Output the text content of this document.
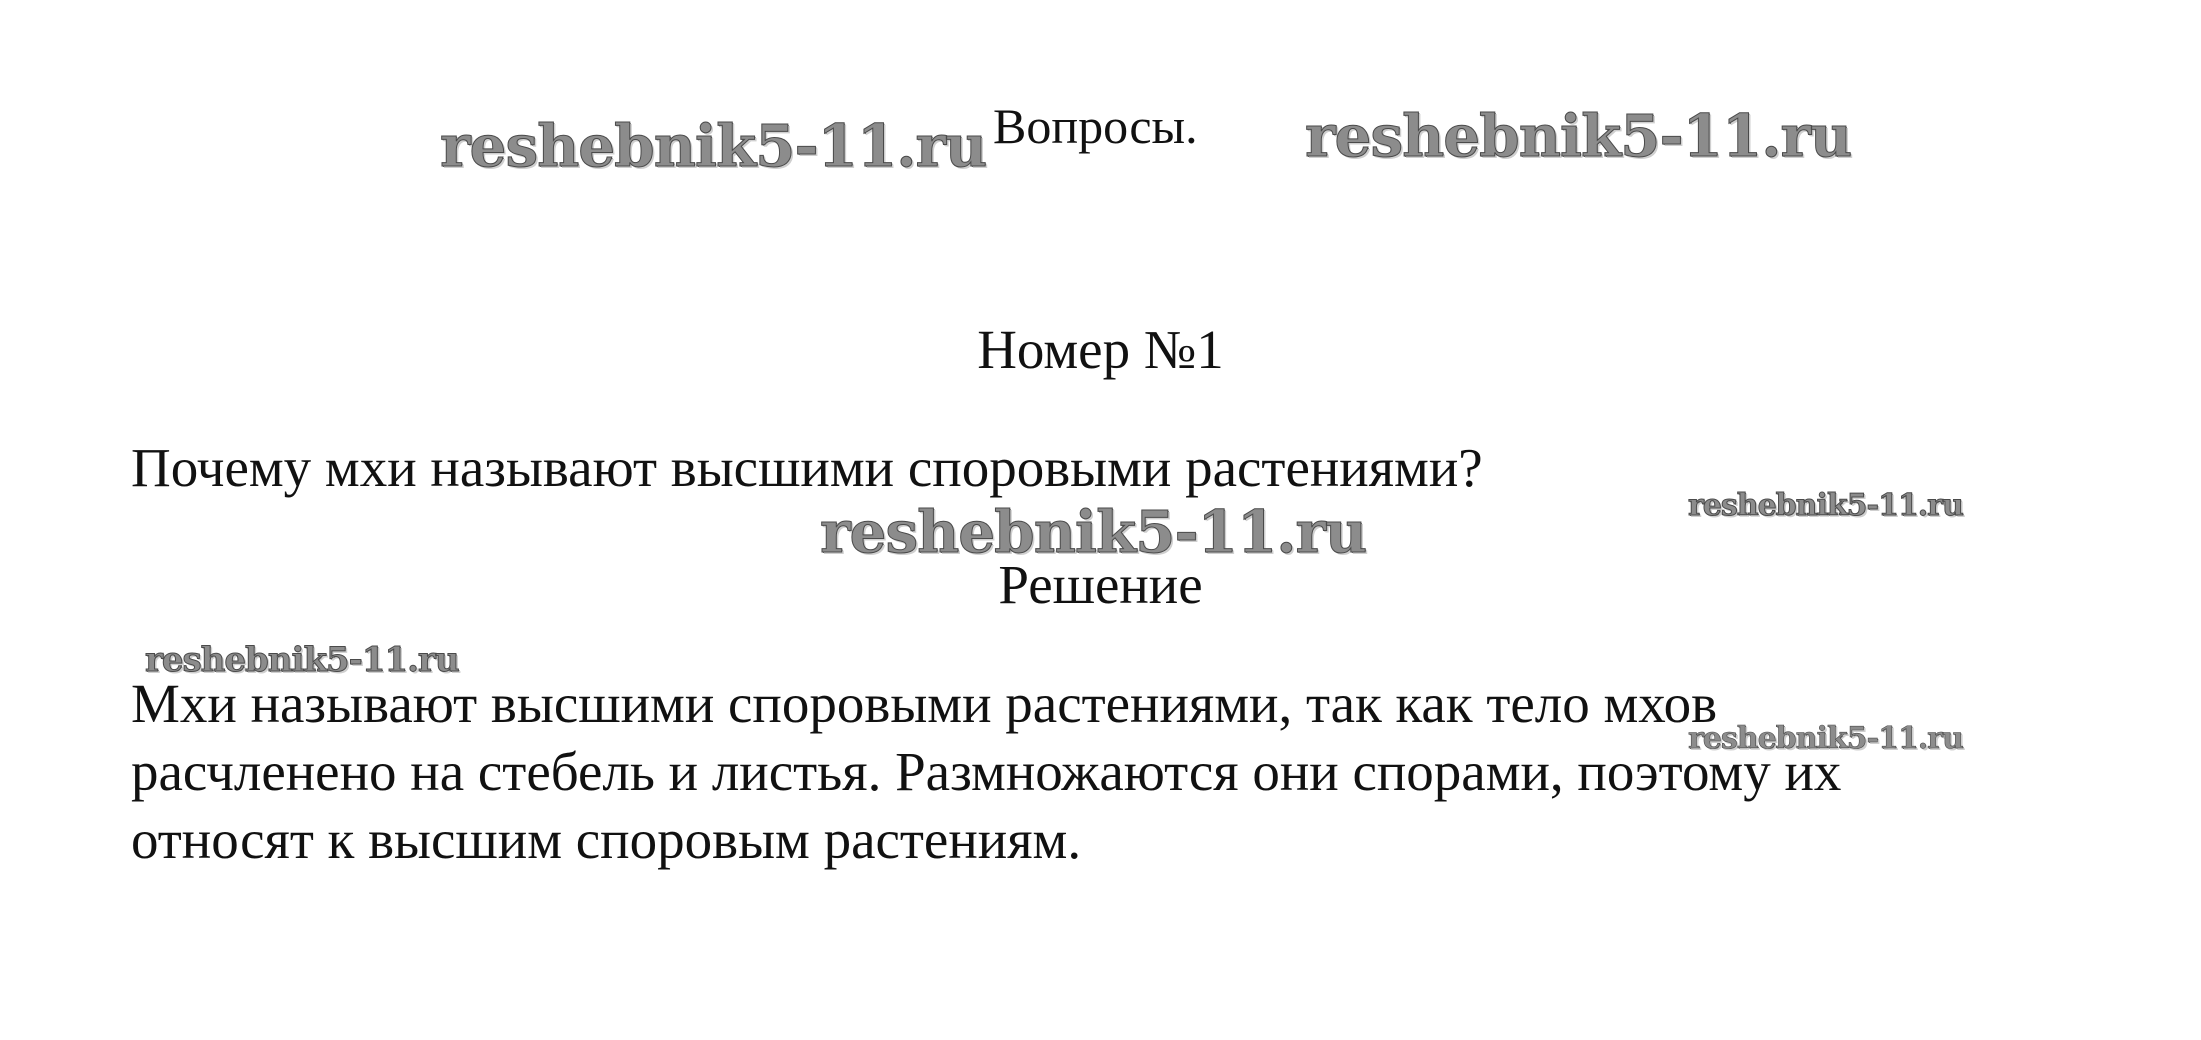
reshebnik5-11.ru Вопросы. reshebnik5-11.ru
Номер №1
Почему мхи называют высшими споровыми растениями?
reshebnik5-11.ru
reshebnik5-11.ru
Решение
reshebnik5-11.ru
Мхи называют высшими споровыми растениями, так как тело мхов
расчленено на стебель и листья. Размножаются они спорами, поэтому их
относят к высшим споровым растениям.
reshebnik5-11.ru
